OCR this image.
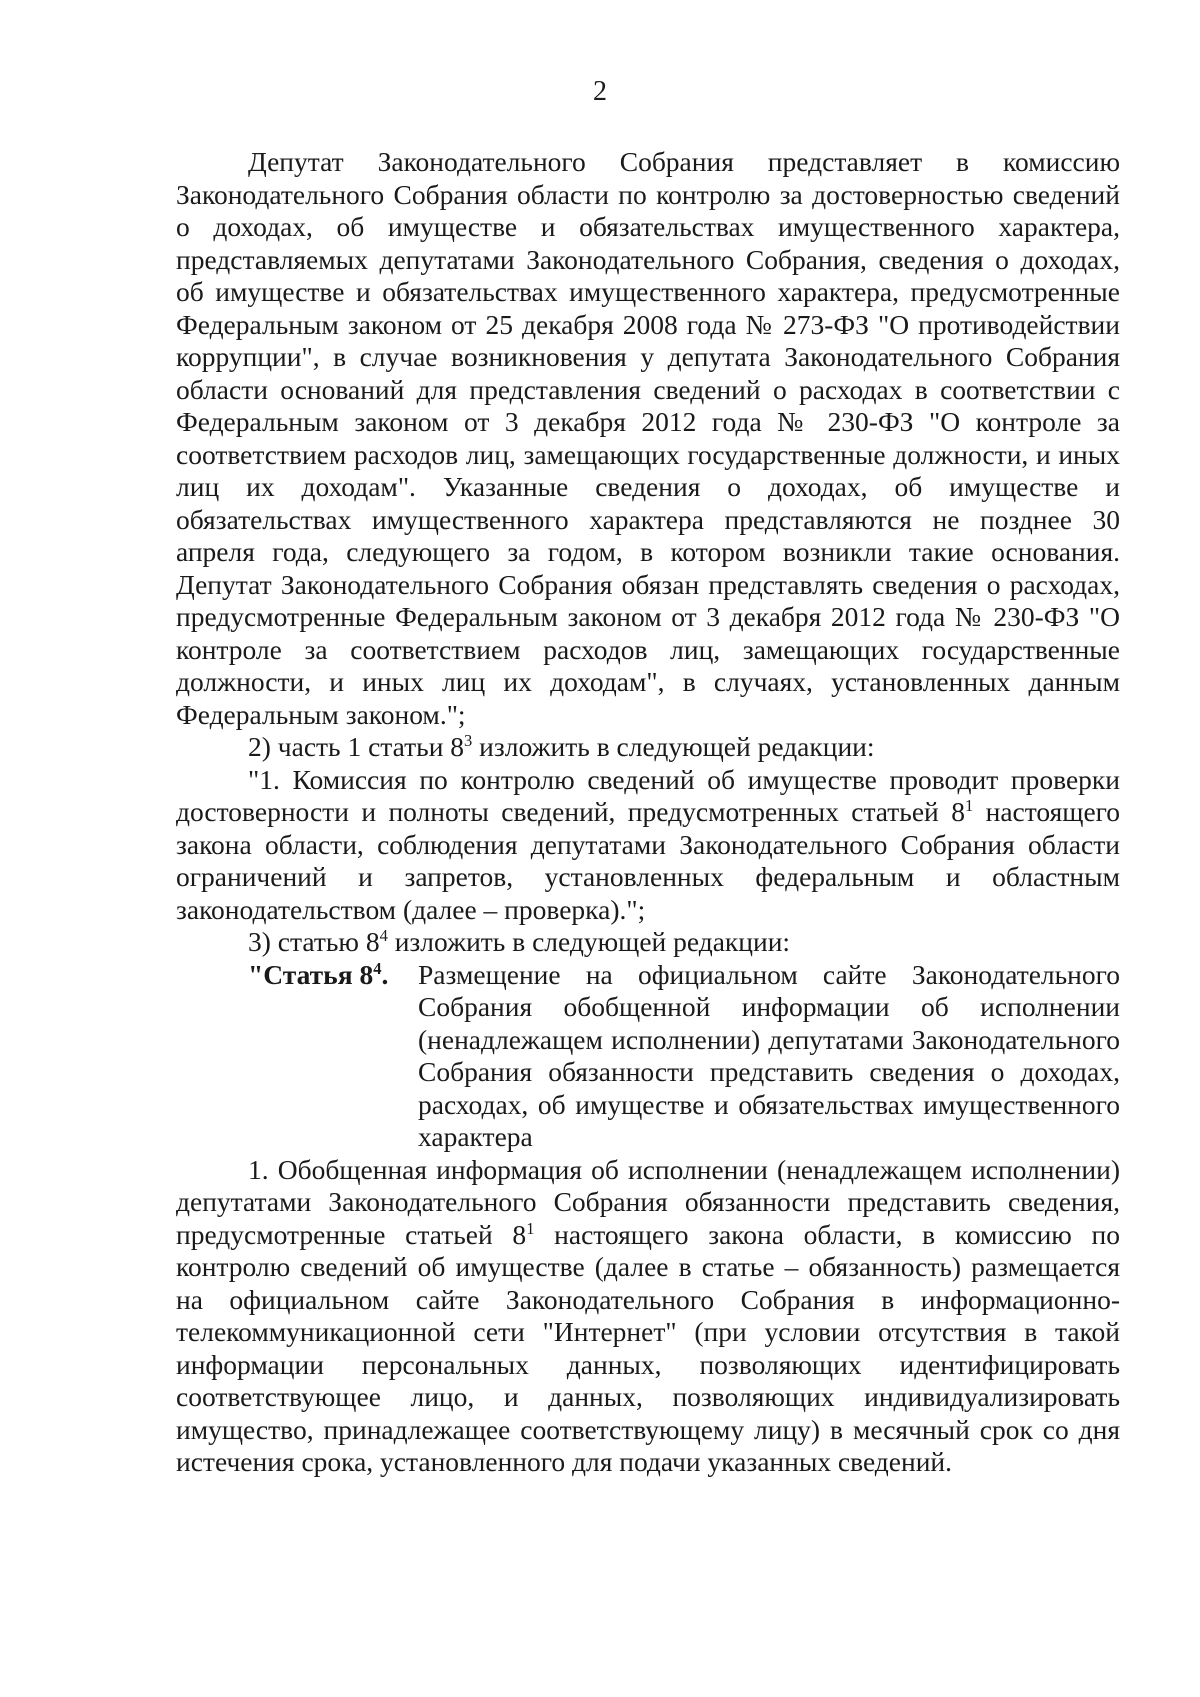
2

Депутат Законодательного Собрания представляет в комиссию Законодательного Собрания области по контролю за достоверностью сведений о доходах, об имуществе и обязательствах имущественного характера, представляемых депутатами Законодательного Собрания, сведения о доходах, об имуществе и обязательствах имущественного характера, предусмотренные Федеральным законом от 25 декабря 2008 года № 273-ФЗ "О противодействии коррупции", в случае возникновения у депутата Законодательного Собрания области оснований для представления сведений о расходах в соответствии с Федеральным законом от 3 декабря 2012 года № 230-ФЗ "О контроле за соответствием расходов лиц, замещающих государственные должности, и иных лиц их доходам". Указанные сведения о доходах, об имуществе и обязательствах имущественного характера представляются не позднее 30 апреля года, следующего за годом, в котором возникли такие основания. Депутат Законодательного Собрания обязан представлять сведения о расходах, предусмотренные Федеральным законом от 3 декабря 2012 года № 230-ФЗ "О контроле за соответствием расходов лиц, замещающих государственные должности, и иных лиц их доходам", в случаях, установленных данным Федеральным законом.";

2) часть 1 статьи $8^3$ изложить в следующей редакции:

"1. Комиссия по контролю сведений об имуществе проводит проверки достоверности и полноты сведений, предусмотренных статьей $8^1$ настоящего закона области, соблюдения депутатами Законодательного Собрания области ограничений и запретов, установленных федеральным и областным законодательством (далее – проверка).";

3) статью $8^4$ изложить в следующей редакции:

"Статья $8^4$.	Размещение на официальном сайте Законодательного Собрания обобщенной информации об исполнении (ненадлежащем исполнении) депутатами Законодательного Собрания обязанности представить сведения о доходах, расходах, об имуществе и обязательствах имущественного характера

1. Обобщенная информация об исполнении (ненадлежащем исполнении) депутатами Законодательного Собрания обязанности представить сведения, предусмотренные статьей $8^1$ настоящего закона области, в комиссию по контролю сведений об имуществе (далее в статье – обязанность) размещается на официальном сайте Законодательного Собрания в информационно-телекоммуникационной сети "Интернет" (при условии отсутствия в такой информации персональных данных, позволяющих идентифицировать соответствующее лицо, и данных, позволяющих индивидуализировать имущество, принадлежащее соответствующему лицу) в месячный срок со дня истечения срока, установленного для подачи указанных сведений.
